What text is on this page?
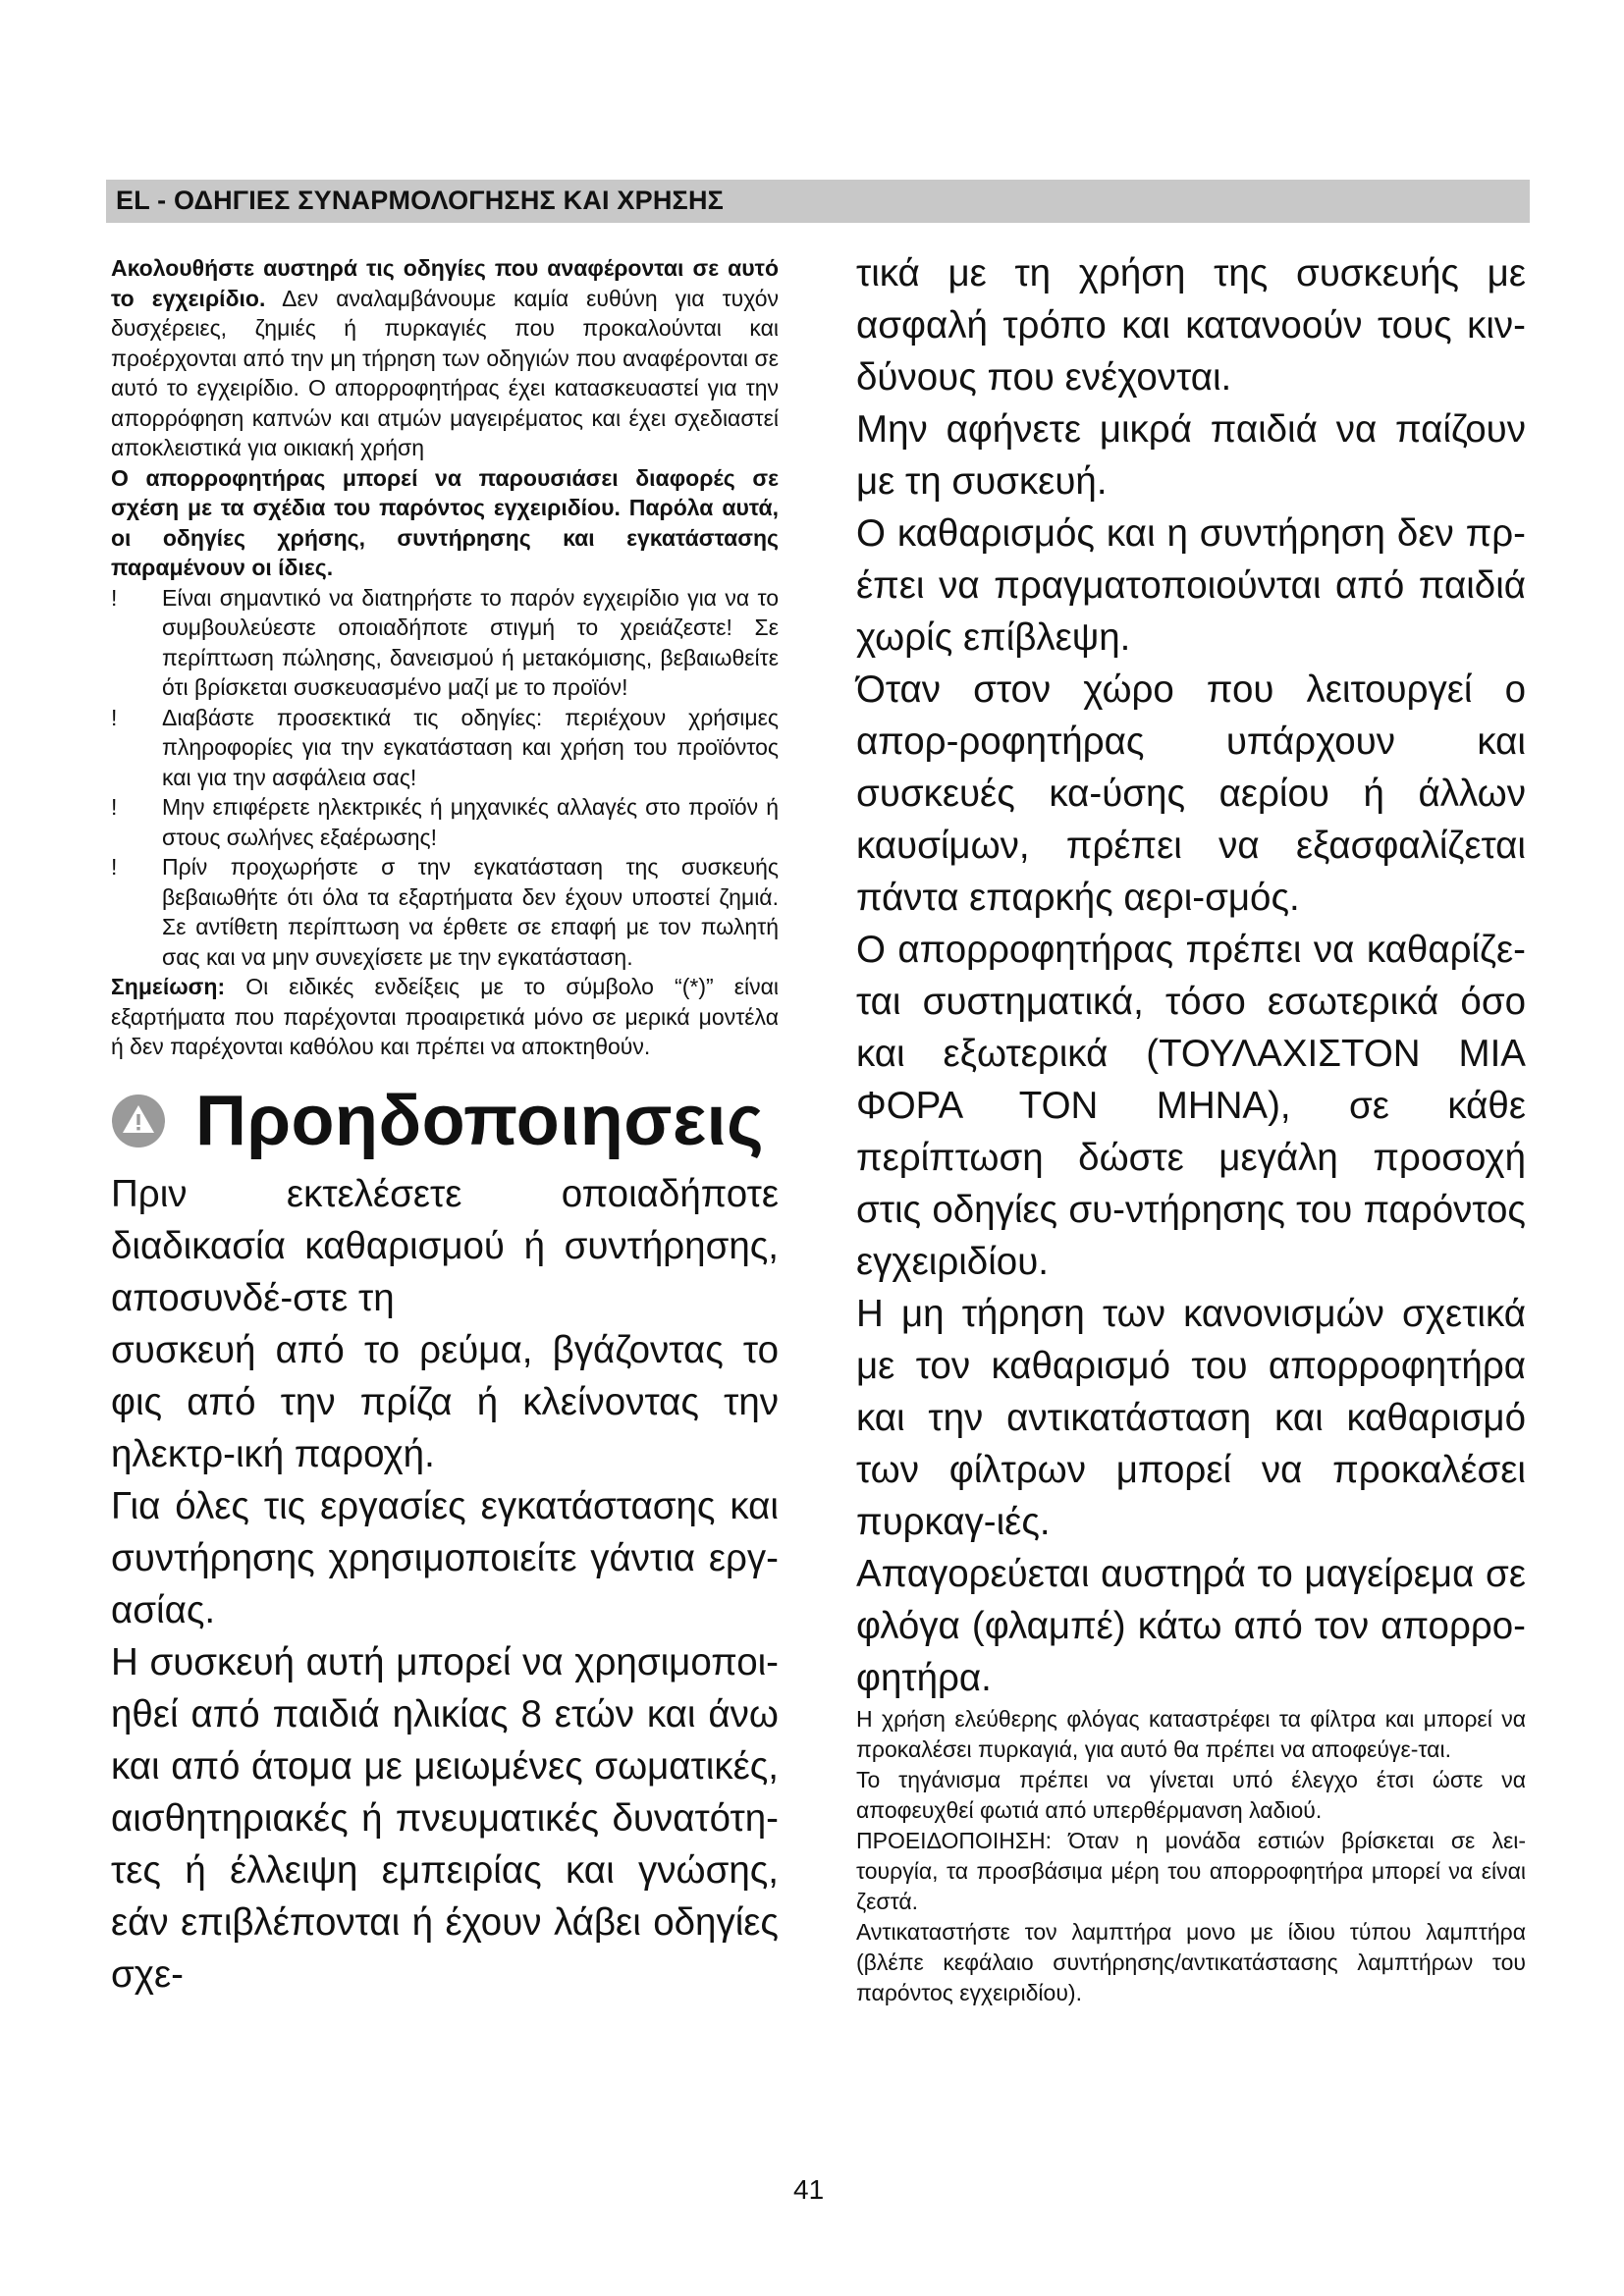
EL - ΟΔΗΓΙΕΣ ΣΥΝΑΡΜΟΛΟΓΗΣΗΣ ΚΑΙ ΧΡΗΣΗΣ

Ακολουθήστε αυστηρά τις οδηγίες που αναφέρονται σε αυτό το εγχειρίδιο. Δεν αναλαμβάνουμε καμία ευθύνη για τυχόν δυσχέρειες, ζημιές ή πυρκαγιές που προκαλούνται και προέρχονται από την μη τήρηση των οδηγιών που αναφέρονται σε αυτό το εγχειρίδιο. Ο απορροφητήρας έχει κατασκευαστεί για την απορρόφηση καπνών και ατμών μαγειρέματος και έχει σχεδιαστεί αποκλειστικά για οικιακή χρήση

Ο απορροφητήρας μπορεί να παρουσιάσει διαφορές σε σχέση με τα σχέδια του παρόντος εγχειριδίου. Παρόλα αυτά, οι οδηγίες χρήσης, συντήρησης και εγκατάστασης παραμένουν οι ίδιες.

!	Είναι σημαντικό να διατηρήστε το παρόν εγχειρίδιο για να το συμβουλεύεστε οποιαδήποτε στιγμή το χρειάζεστε! Σε περίπτωση πώλησης, δανεισμού ή μετακόμισης, βεβαιωθείτε ότι βρίσκεται συσκευασμένο μαζί με το προϊόν!
!	Διαβάστε προσεκτικά τις οδηγίες: περιέχουν χρήσιμες πληροφορίες για την εγκατάσταση και χρήση του προϊόντος και για την ασφάλεια σας!
!	Μην επιφέρετε ηλεκτρικές ή μηχανικές αλλαγές στο προϊόν ή στους σωλήνες εξαέρωσης!
!	Πρίν προχωρήστε σ την εγκατάσταση της συσκευής βεβαιωθήτε ότι όλα τα εξαρτήματα δεν έχουν υποστεί ζημιά. Σε αντίθετη περίπτωση να έρθετε σε επαφή με τον πωλητή σας και να μην συνεχίσετε με την εγκατάσταση.

Σημείωση: Οι ειδικές ενδείξεις με το σύμβολο “(*)” είναι εξαρτήματα που παρέχονται προαιρετικά μόνο σε μερικά μοντέλα ή δεν παρέχονται καθόλου και πρέπει να αποκτηθούν.

Προηδοποιησεις

Πριν εκτελέσετε οποιαδήποτε διαδικασία καθαρισμού ή συντήρησης, αποσυνδέ-στε τη

συσκευή από το ρεύμα, βγάζοντας το φις από την πρίζα ή κλείνοντας την ηλεκτρ-ική παροχή.

Για όλες τις εργασίες εγκατάστασης και συντήρησης χρησιμοποιείτε γάντια εργ-ασίας.

Η συσκευή αυτή μπορεί να χρησιμοποι-ηθεί από παιδιά ηλικίας 8 ετών και άνω και από άτομα με μειωμένες σωματικές, αισθητηριακές ή πνευματικές δυνατότη-τες ή έλλειψη εμπειρίας και γνώσης, εάν επιβλέπονται ή έχουν λάβει οδηγίες σχε-

τικά με τη χρήση της συσκευής με ασφαλή τρόπο και κατανοούν τους κιν-δύνους που ενέχονται.

Μην αφήνετε μικρά παιδιά να παίζουν με τη συσκευή.

Ο καθαρισμός και η συντήρηση δεν πρ-έπει να πραγματοποιούνται από παιδιά χωρίς επίβλεψη.

Όταν στον χώρο που λειτουργεί ο απορ-ροφητήρας υπάρχουν και συσκευές κα-ύσης αερίου ή άλλων καυσίμων, πρέπει να εξασφαλίζεται πάντα επαρκής αερι-σμός.

Ο απορροφητήρας πρέπει να καθαρίζε-ται συστηματικά, τόσο εσωτερικά όσο και εξωτερικά (ΤΟΥΛΑΧΙΣΤΟΝ ΜΙΑ ΦΟΡΑ ΤΟΝ ΜΗΝΑ), σε κάθε περίπτωση δώστε μεγάλη προσοχή στις οδηγίες συ-ντήρησης του παρόντος εγχειριδίου.

Η μη τήρηση των κανονισμών σχετικά με τον καθαρισμό του απορροφητήρα και την αντικατάσταση και καθαρισμό των φίλτρων μπορεί να προκαλέσει πυρκαγ-ιές.

Απαγορεύεται αυστηρά το μαγείρεμα σε φλόγα (φλαμπέ) κάτω από τον απορρο-φητήρα.

Η χρήση ελεύθερης φλόγας καταστρέφει τα φίλτρα και μπορεί να προκαλέσει πυρκαγιά, για αυτό θα πρέπει να αποφεύγε-ται.

Το τηγάνισμα πρέπει να γίνεται υπό έλεγχο έτσι ώστε να αποφευχθεί φωτιά από υπερθέρμανση λαδιού.

ΠΡΟΕΙΔΟΠΟΙΗΣΗ: Όταν η μονάδα εστιών βρίσκεται σε λει-τουργία, τα προσβάσιμα μέρη του απορροφητήρα μπορεί να είναι ζεστά.

Αντικαταστήστε τον λαμπτήρα μονο με ίδιου τύπου λαμπτήρα (βλέπε κεφάλαιο συντήρησης/αντικατάστασης λαμπτήρων του παρόντος εγχειριδίου).

41
